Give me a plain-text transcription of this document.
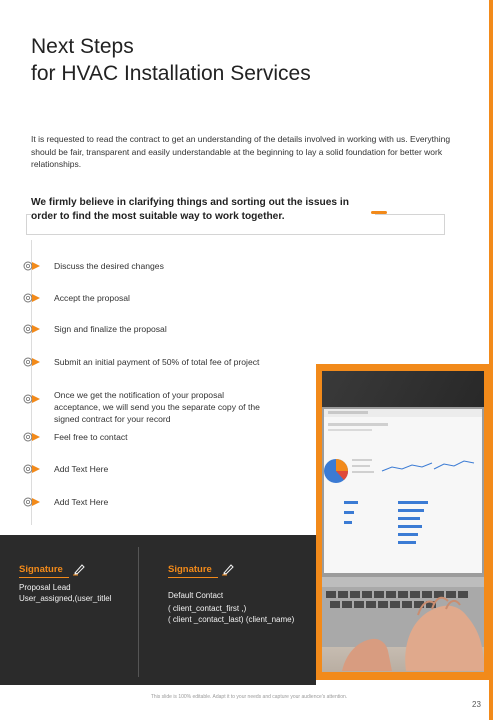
Next Steps
for HVAC Installation Services
It is requested to read the contract to get an understanding of the details involved in working with us. Everything should be fair, transparent and easily understandable at the beginning to lay a solid foundation for better work relationships.
We firmly believe in clarifying things and sorting out the issues in order to find the most suitable way to work together.
Discuss the desired changes
Accept the proposal
Sign and finalize the proposal
Submit an initial payment of 50% of total fee of project
Once we get the notification of your proposal acceptance, we will send you the separate copy of the signed contract for your record
Feel free to contact
Add Text Here
Add Text Here
Signature
Proposal Lead
User_assigned,(user_titlel
Signature
Default Contact
( client_contact_first ,)
( client _contact_last) (client_name)
This slide is 100% editable. Adapt it to your needs and capture your audience's attention.
23
